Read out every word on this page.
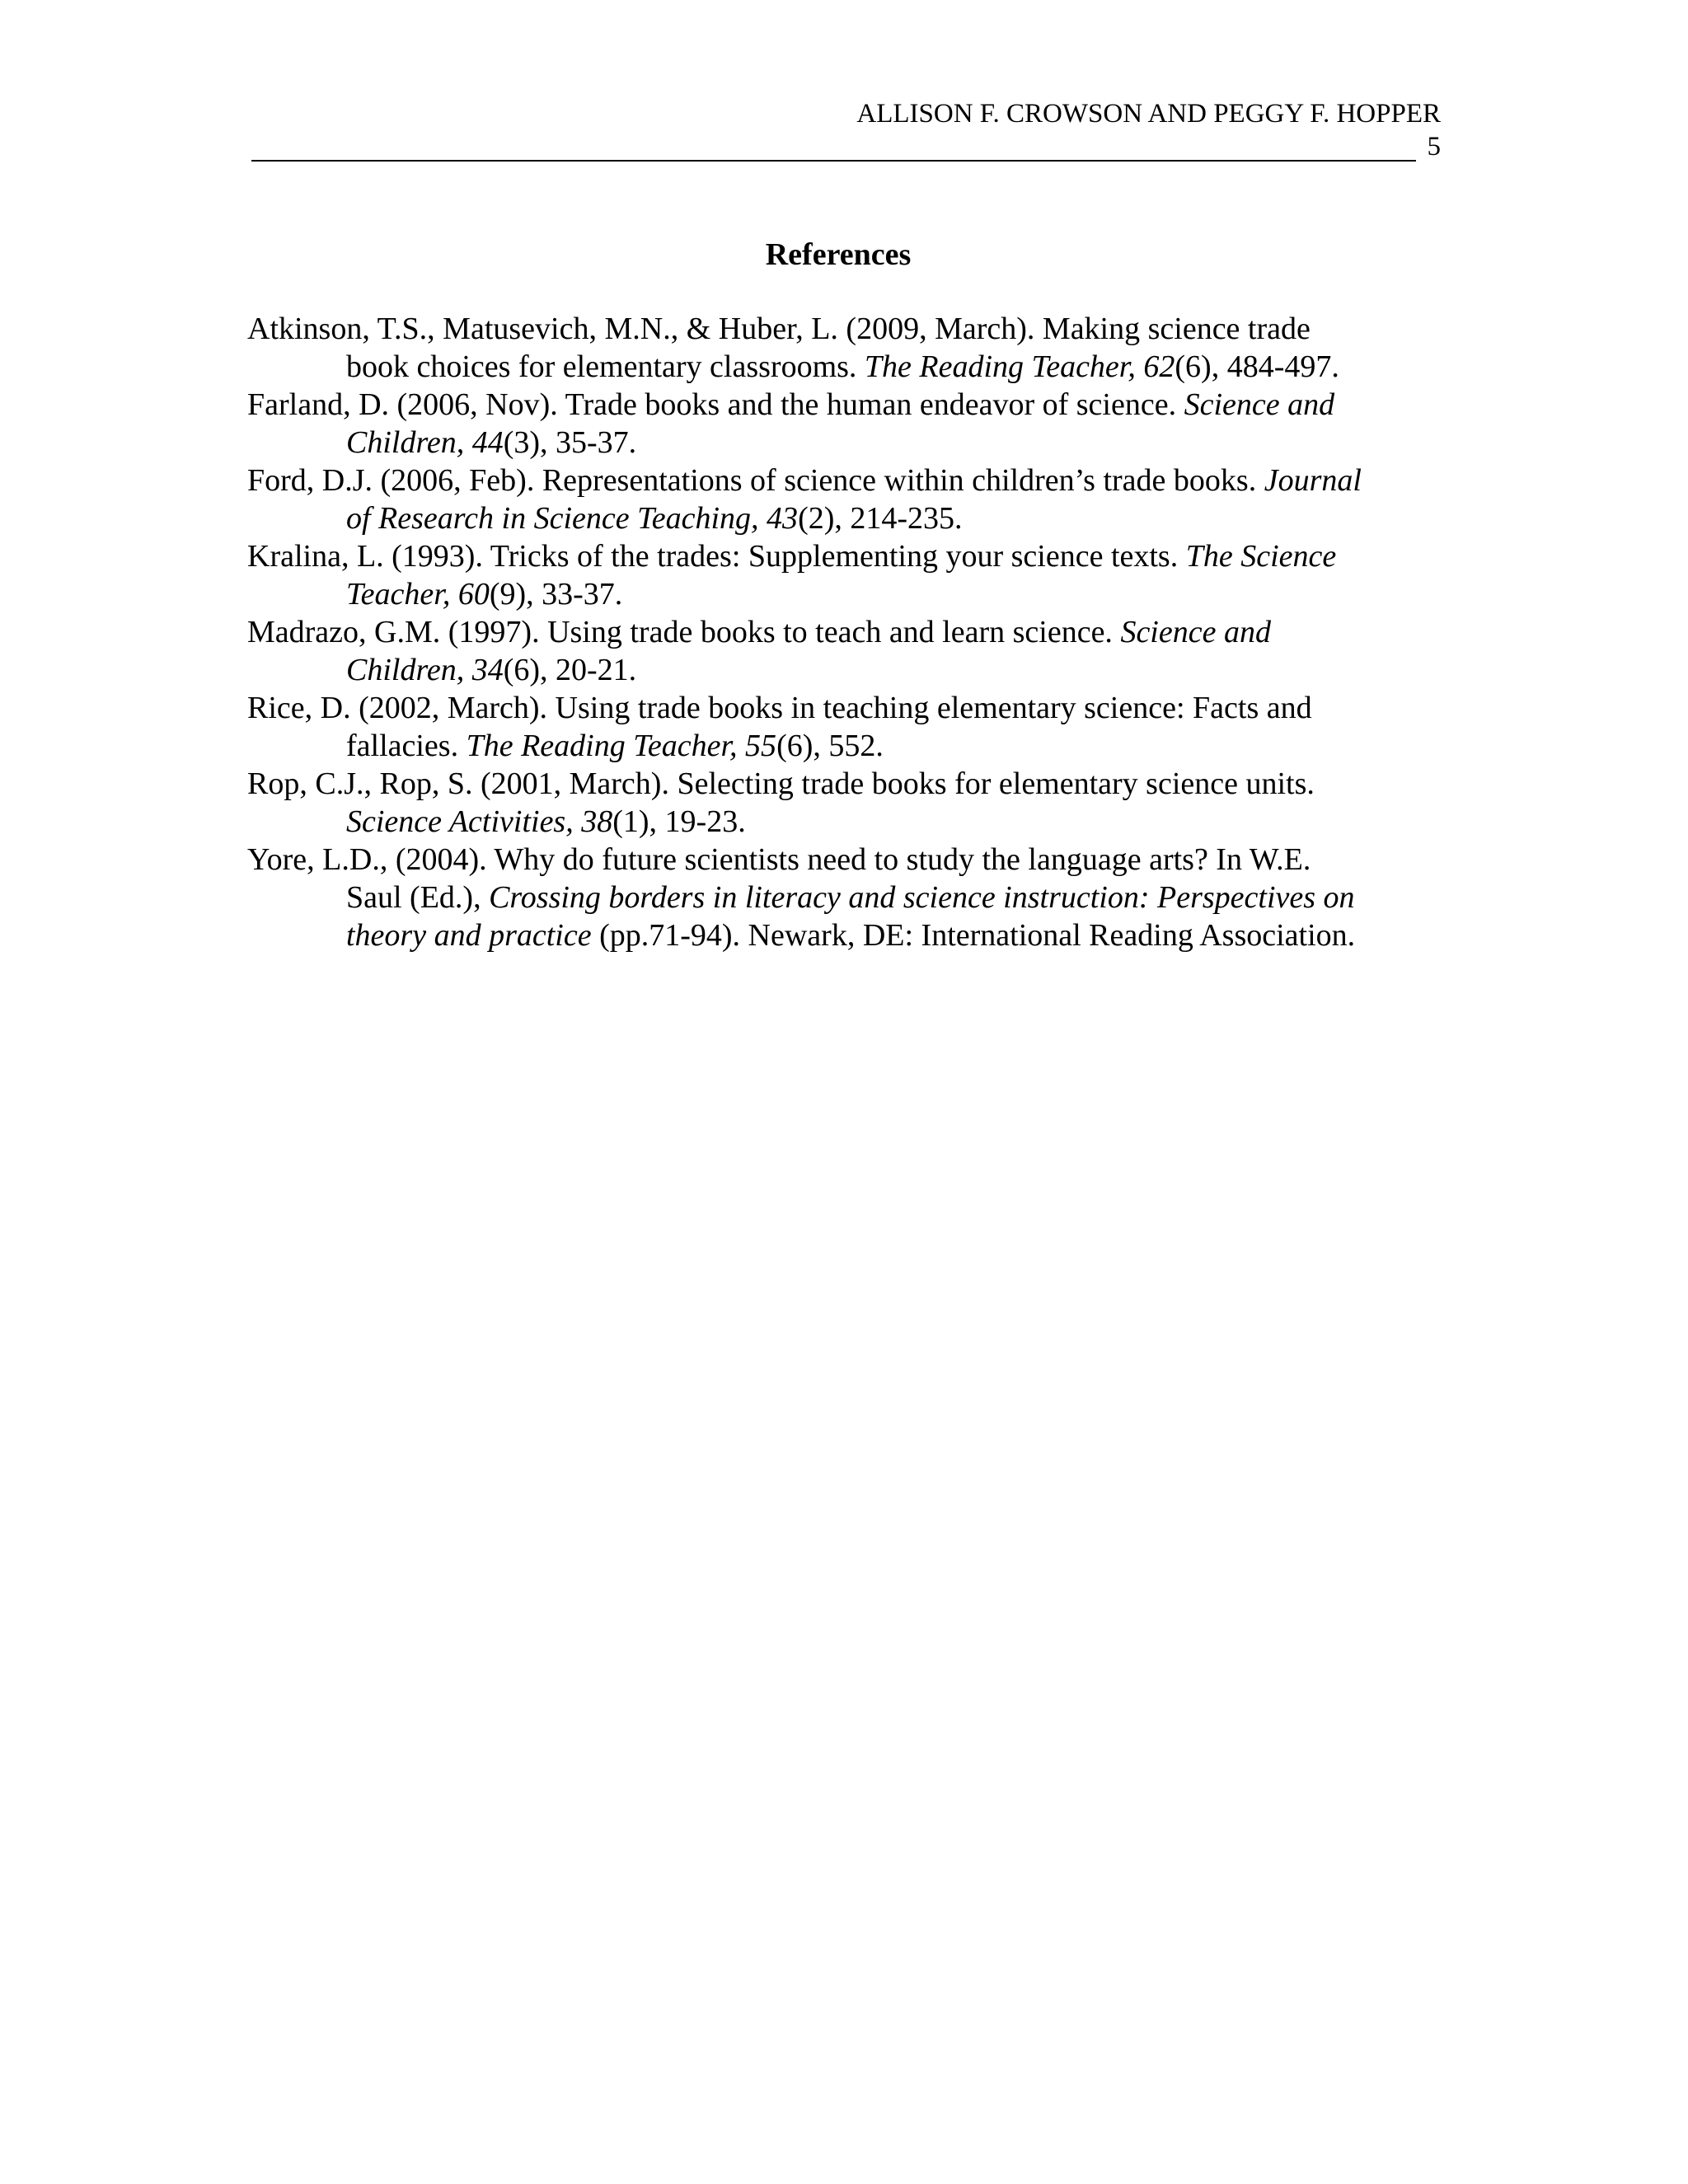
ALLISON F. CROWSON AND PEGGY F. HOPPER
5
References
Atkinson, T.S., Matusevich, M.N., & Huber, L. (2009, March). Making science trade
book choices for elementary classrooms. The Reading Teacher, 62(6), 484-497.
Farland, D. (2006, Nov). Trade books and the human endeavor of science. Science and
Children, 44(3), 35-37.
Ford, D.J. (2006, Feb). Representations of science within children’s trade books. Journal
of Research in Science Teaching, 43(2), 214-235.
Kralina, L. (1993). Tricks of the trades: Supplementing your science texts. The Science
Teacher, 60(9), 33-37.
Madrazo, G.M. (1997). Using trade books to teach and learn science. Science and
Children, 34(6), 20-21.
Rice, D. (2002, March). Using trade books in teaching elementary science: Facts and
fallacies. The Reading Teacher, 55(6), 552.
Rop, C.J., Rop, S. (2001, March). Selecting trade books for elementary science units.
Science Activities, 38(1), 19-23.
Yore, L.D., (2004). Why do future scientists need to study the language arts? In W.E.
Saul (Ed.), Crossing borders in literacy and science instruction: Perspectives on
theory and practice (pp.71-94). Newark, DE: International Reading Association.
